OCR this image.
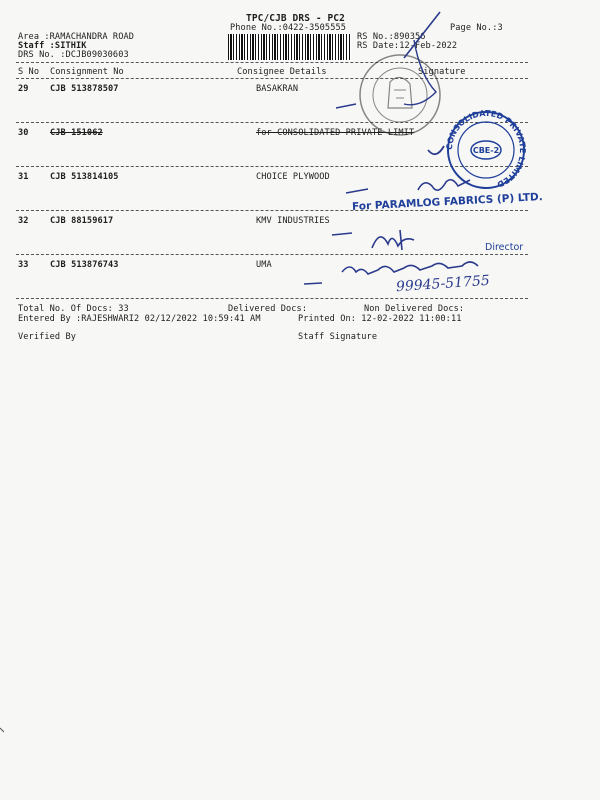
TPC/CJB DRS - PC2
Phone No.:0422-3505555	Page No.:3
Area :RAMACHANDRA ROAD
Staff :SITHIK
DRS No. :DCJB09030603
RS No.:890356
RS Date:12-Feb-2022
S No Consignment No	Consignee Details	Signature
29 CJB 513878507	BASAKRAN
30 CJB 151062	for CONSOLIDATED PRIVATE LIMIT
31 CJB 513814105	CHOICE PLYWOOD
32 CJB 88159617	KMV INDUSTRIES
33 CJB 513876743	UMA
Total No. Of Docs: 33	Delivered Docs:	Non Delivered Docs:
Entered By :RAJESHWARI2 02/12/2022 10:59:41 AM	Printed On: 12-02-2022 11:00:11
Verified By	Staff Signature
CONSOLIDATED PRIVATE LIMITED
CBE-2
For PARAMLOG FABRICS (P) LTD.
Director
99945-51755
